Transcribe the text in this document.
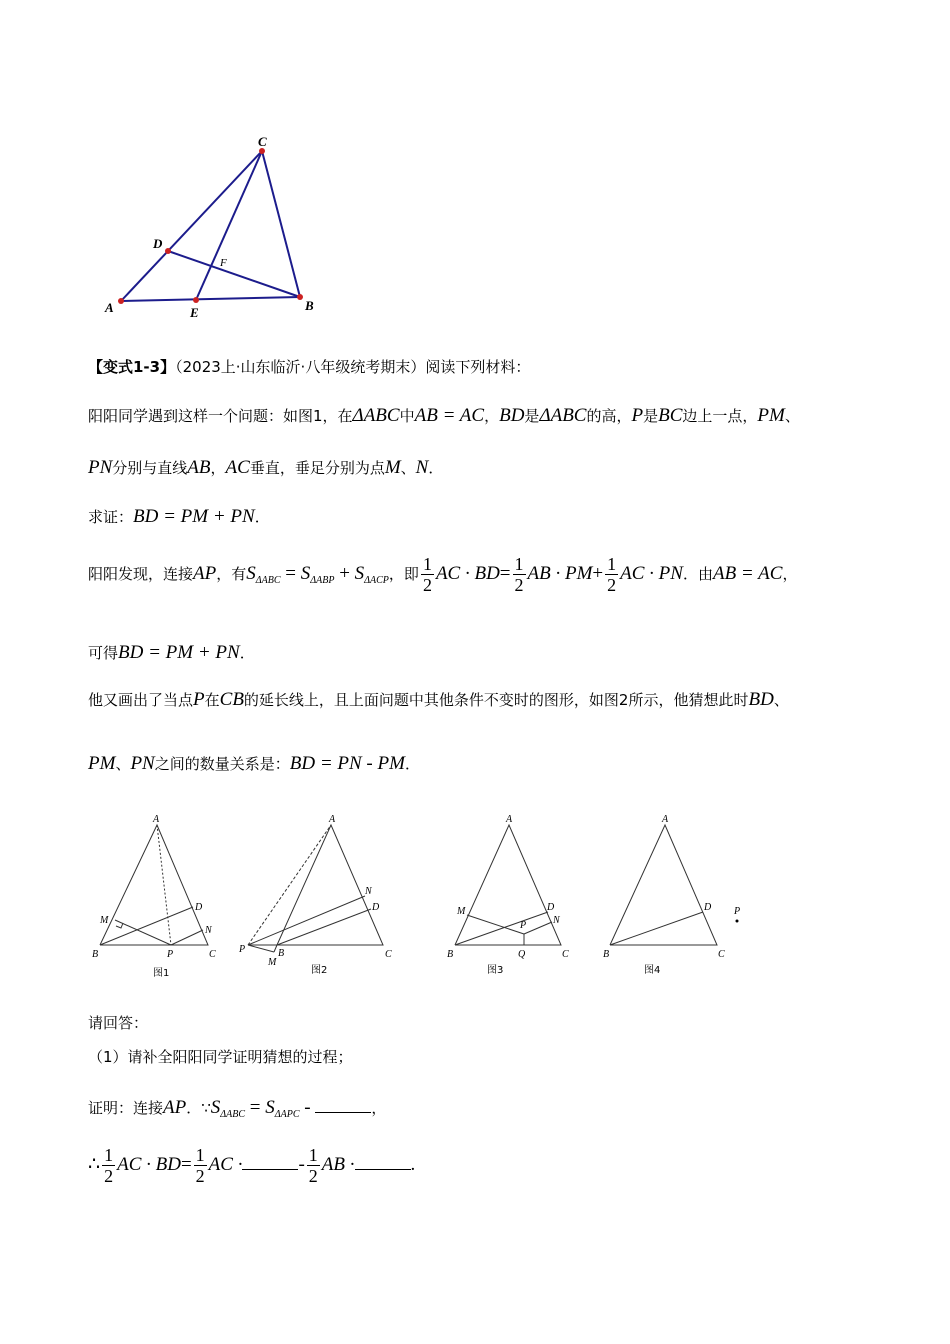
C
D
F
A	E	B
【变式1-3】（2023上·山东临沂·八年级统考期末）阅读下列材料：
阳阳同学遇到这样一个问题：如图1，在ΔABC中AB = AC，BD是ΔABC的高，P是BC边上一点，PM、
PN分别与直线AB，AC垂直，垂足分别为点M、N．
求证：BD = PM + PN．
阳阳发现，连接AP，有$S_{\Delta ABC} = S_{\Delta ABP} + S_{\Delta ACP}$，即 $\frac{1}{2}$ AC · $BD= \frac{1}{2}$ AB · $PM+ \frac{1}{2}$ AC · PN．由AB = AC，
可得BD = PM + PN．
他又画出了当点P在CB的延长线上，且上面问题中其他条件不变时的图形，如图2所示，他猜想此时BD、
PM、PN之间的数量关系是：BD = PN - PM．
A
D
M
N
B	P	C
A
N
D
P	B
M
C
A
M	D
N
P
B	Q	C
A
D P
B	C
图1	图2	图3	图4
请回答：
（1）请补全阳阳同学证明猜想的过程；
证明：连接AP．$\because S_{\Delta ABC} = S_{\Delta APC}$ -	，
∴ $\frac{1}{2}$ AC · $BD= \frac{1}{2}$ AC ·	- $\frac{1}{2}$ AB ·	.
